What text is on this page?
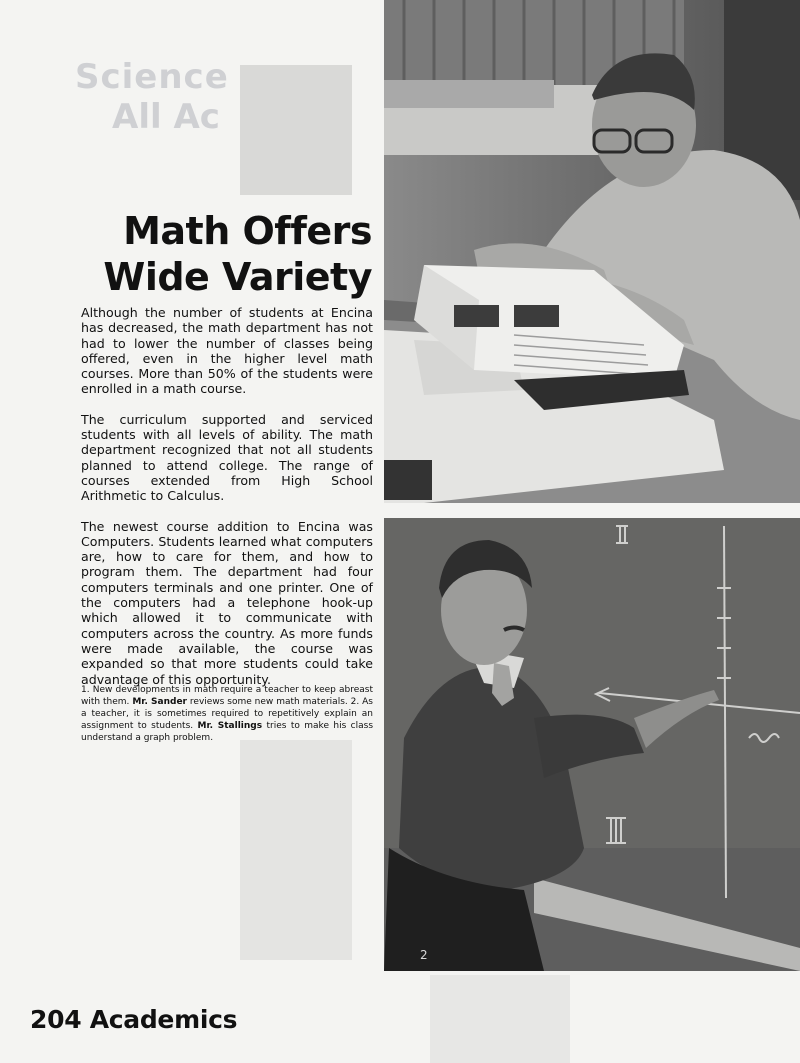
Science
All Ac
Math Offers
Wide Variety

Although the number of students at Encina has decreased, the math department has not had to lower the number of classes being offered, even in the higher level math courses. More than 50% of the students were enrolled in a math course.

The curriculum supported and serviced students with all levels of ability. The math department recognized that not all students planned to attend college. The range of courses extended from High School Arithmetic to Calculus.

The newest course addition to Encina was Computers. Students learned what computers are, how to care for them, and how to program them. The department had four computers terminals and one printer. One of the computers had a telephone hook-up which allowed it to communicate with computers across the country. As more funds were made available, the course was expanded so that more students could take advantage of this opportunity.

1. New developments in math require a teacher to keep abreast with them. Mr. Sander reviews some new math materials. 2. As a teacher, it is sometimes required to repetitively explain an assignment to students. Mr. Stallings tries to make his class understand a graph problem.

2
204 Academics
